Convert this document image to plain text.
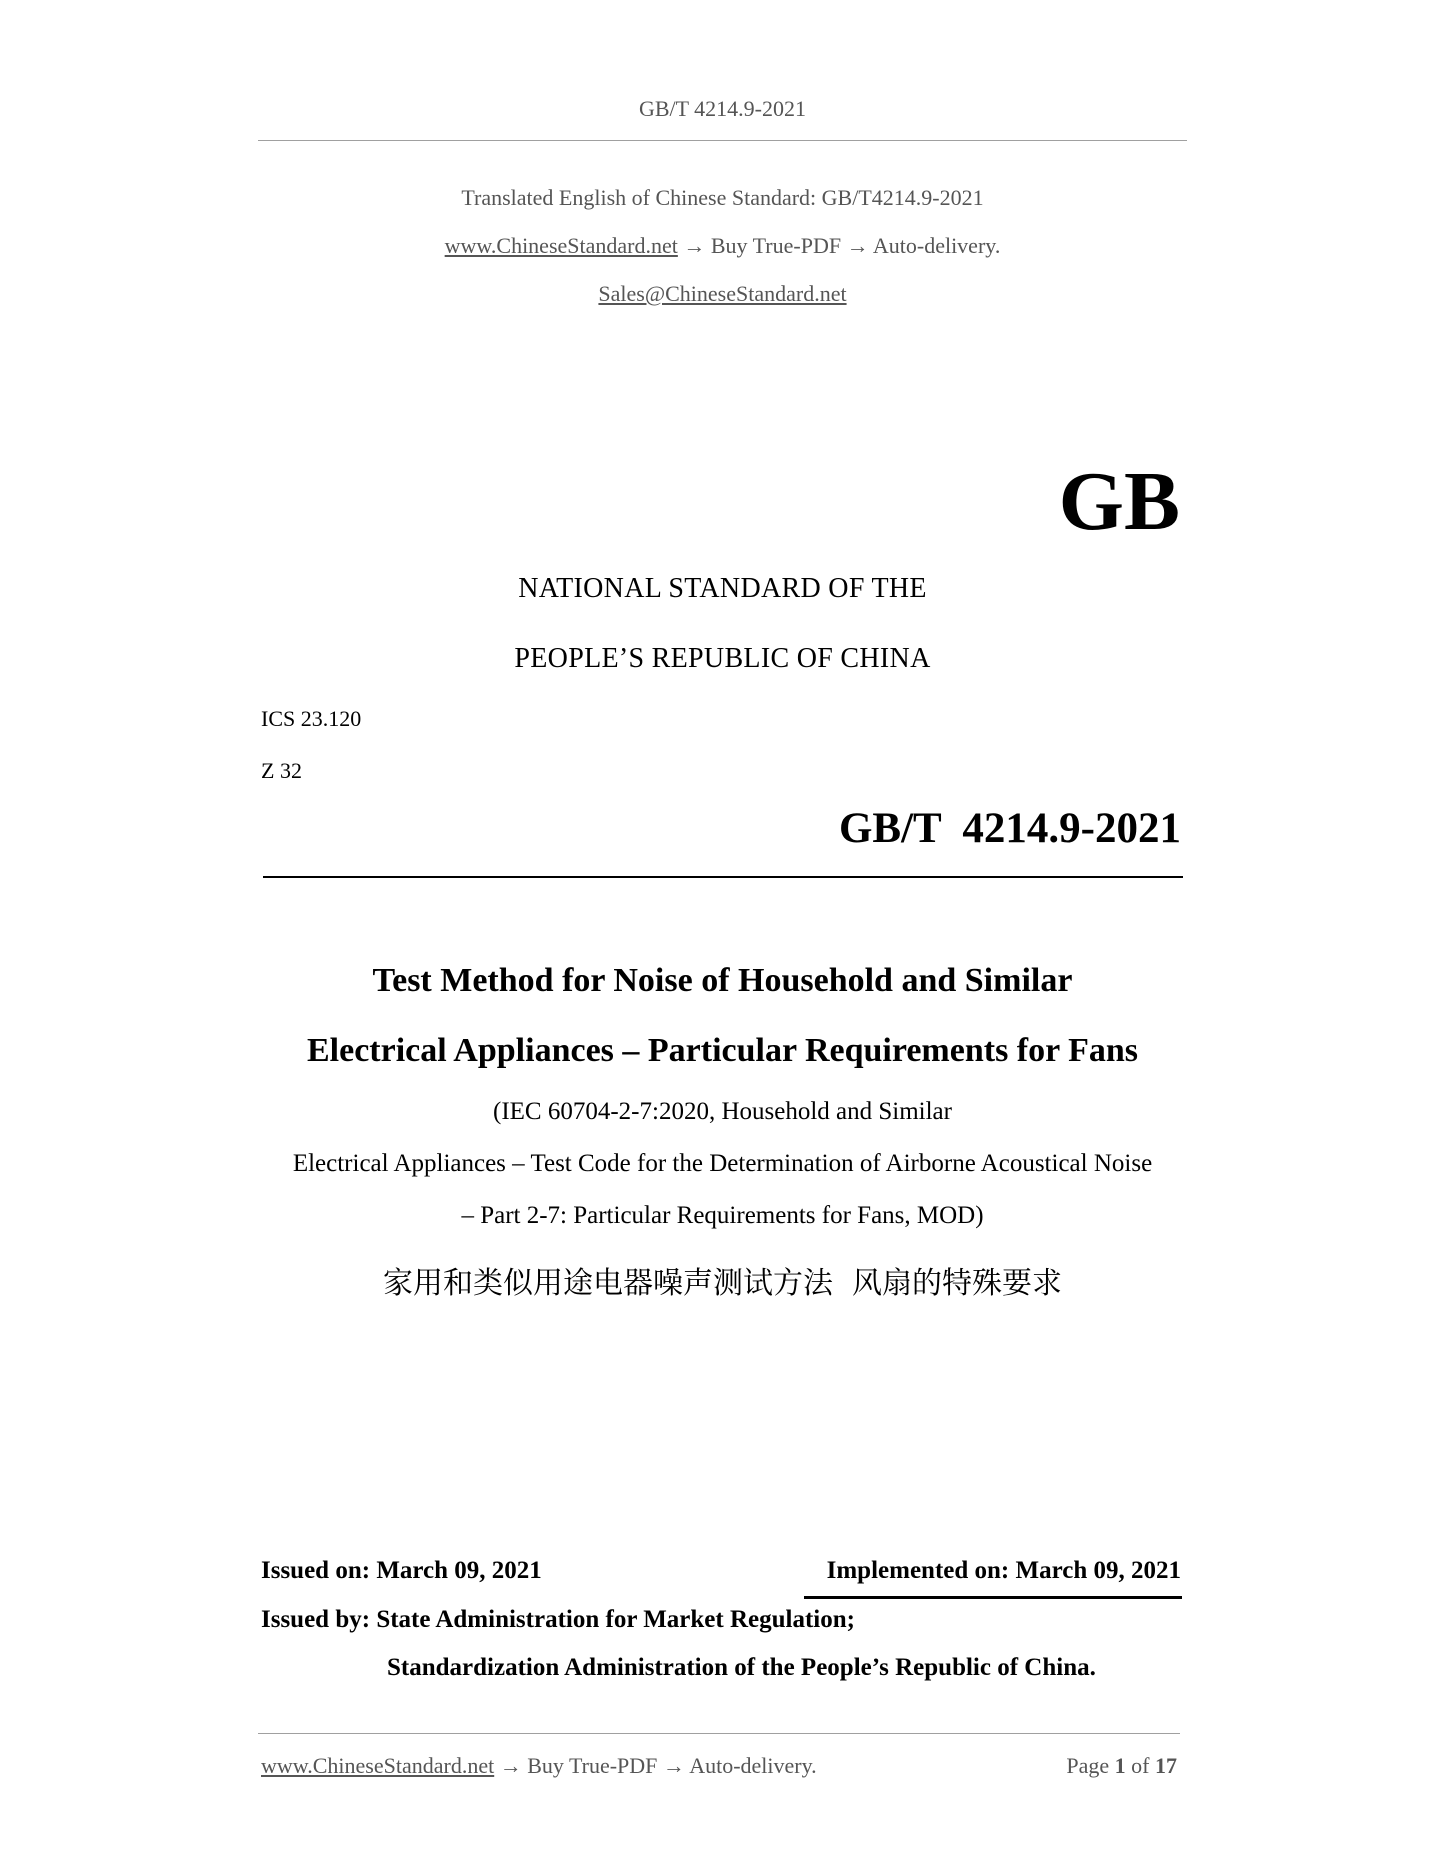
GB/T 4214.9-2021
Translated English of Chinese Standard: GB/T4214.9-2021
www.ChineseStandard.net → Buy True-PDF → Auto-delivery.
Sales@ChineseStandard.net
GB
NATIONAL STANDARD OF THE
PEOPLE’S REPUBLIC OF CHINA
ICS 23.120
Z 32
GB/T  4214.9-2021
Test Method for Noise of Household and Similar
Electrical Appliances – Particular Requirements for Fans
(IEC 60704-2-7:2020, Household and Similar
Electrical Appliances – Test Code for the Determination of Airborne Acoustical Noise
– Part 2-7: Particular Requirements for Fans, MOD)
家用和类似用途电器噪声测试方法  风扇的特殊要求
Issued on: March 09, 2021	Implemented on: March 09, 2021
Issued by: State Administration for Market Regulation;
Standardization Administration of the People’s Republic of China.
www.ChineseStandard.net → Buy True-PDF → Auto-delivery.	Page 1 of 17
